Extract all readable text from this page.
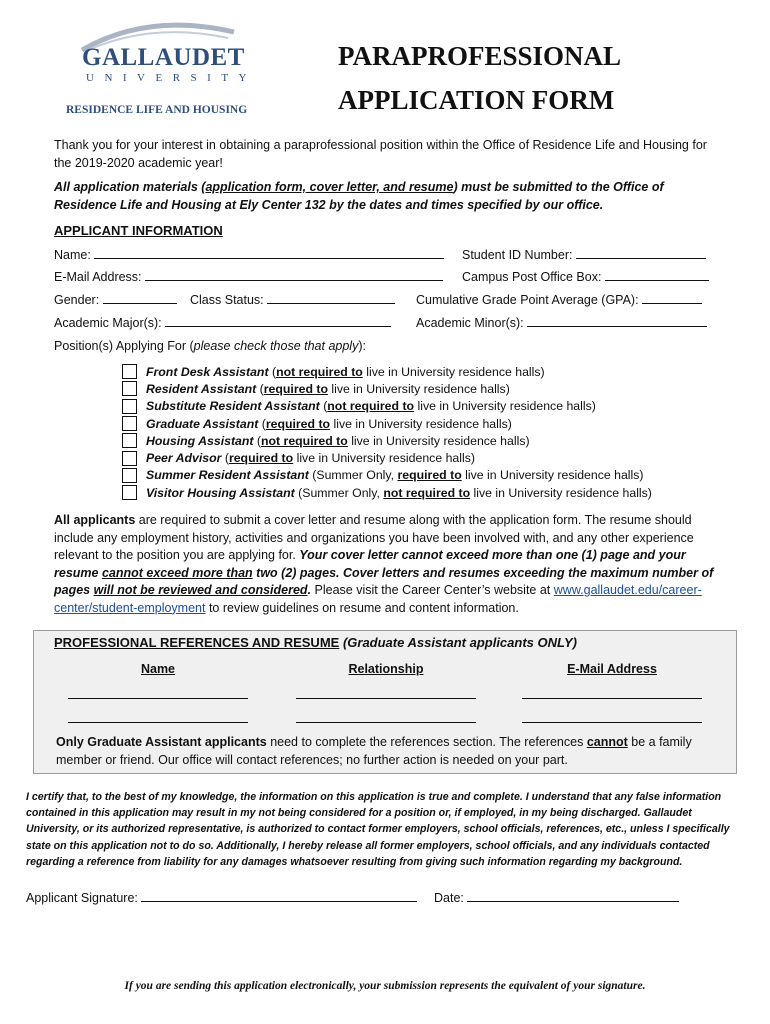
GALLAUDET
UNIVERSITY
RESIDENCE LIFE AND HOUSING
PARAPROFESSIONAL
APPLICATION FORM
Thank you for your interest in obtaining a paraprofessional position within the Office of Residence Life and Housing for the 2019-2020 academic year!
All application materials (application form, cover letter, and resume) must be submitted to the Office of Residence Life and Housing at Ely Center 132 by the dates and times specified by our office.
APPLICANT INFORMATION
Name:	Student ID Number:
E-Mail Address:	Campus Post Office Box:
Gender:	Class Status:	Cumulative Grade Point Average (GPA):
Academic Major(s):	Academic Minor(s):
Position(s) Applying For (please check those that apply):
Front Desk Assistant (not required to live in University residence halls)
Resident Assistant (required to live in University residence halls)
Substitute Resident Assistant (not required to live in University residence halls)
Graduate Assistant (required to live in University residence halls)
Housing Assistant (not required to live in University residence halls)
Peer Advisor (required to live in University residence halls)
Summer Resident Assistant (Summer Only, required to live in University residence halls)
Visitor Housing Assistant (Summer Only, not required to live in University residence halls)
All applicants are required to submit a cover letter and resume along with the application form. The resume should include any employment history, activities and organizations you have been involved with, and any other experience relevant to the position you are applying for. Your cover letter cannot exceed more than one (1) page and your resume cannot exceed more than two (2) pages. Cover letters and resumes exceeding the maximum number of pages will not be reviewed and considered. Please visit the Career Center’s website at www.gallaudet.edu/career-center/student-employment to review guidelines on resume and content information.
PROFESSIONAL REFERENCES AND RESUME (Graduate Assistant applicants ONLY)
Name	Relationship	E-Mail Address
Only Graduate Assistant applicants need to complete the references section. The references cannot be a family member or friend. Our office will contact references; no further action is needed on your part.
I certify that, to the best of my knowledge, the information on this application is true and complete. I understand that any false information contained in this application may result in my not being considered for a position or, if employed, in my being discharged. Gallaudet University, or its authorized representative, is authorized to contact former employers, school officials, references, etc., unless I specifically state on this application not to do so. Additionally, I hereby release all former employers, school officials, and any individuals contacted regarding a reference from liability for any damages whatsoever resulting from giving such information regarding my background.
Applicant Signature:	Date:
If you are sending this application electronically, your submission represents the equivalent of your signature.
